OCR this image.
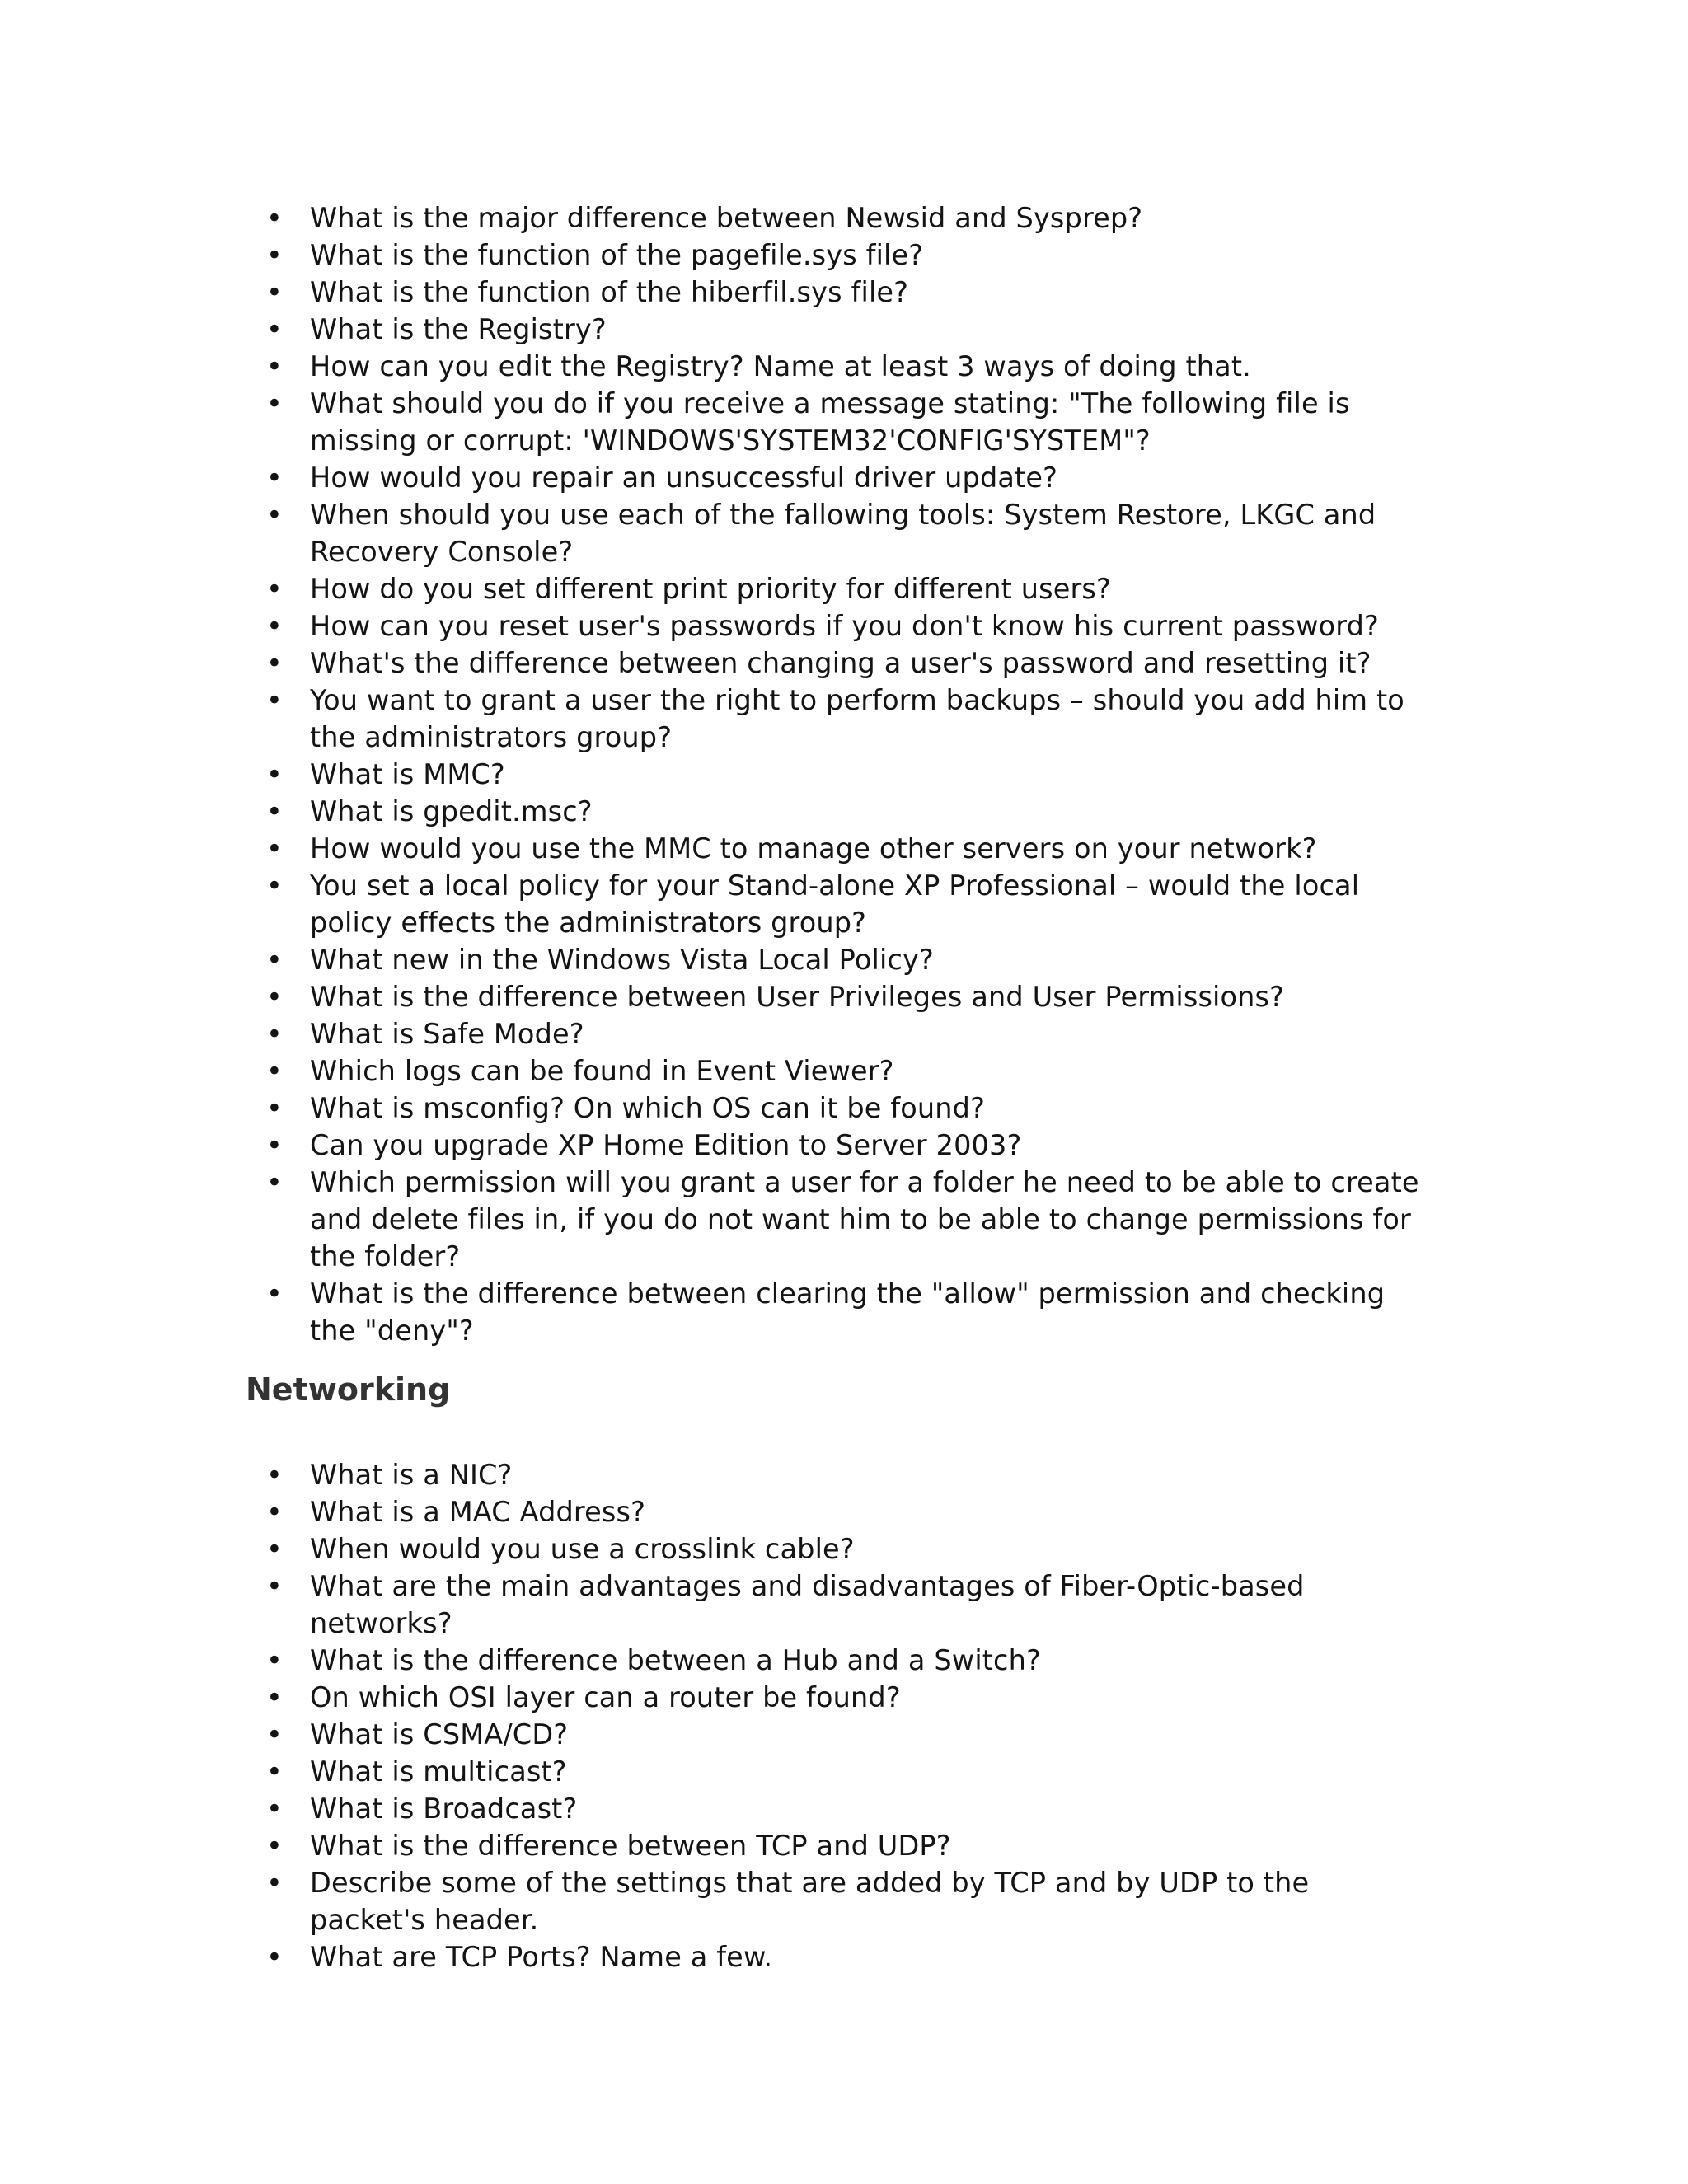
• What is the major difference between Newsid and Sysprep?
• What is the function of the pagefile.sys file?
• What is the function of the hiberfil.sys file?
• What is the Registry?
• How can you edit the Registry? Name at least 3 ways of doing that.
• What should you do if you receive a message stating: "The following file is missing or corrupt: 'WINDOWS'SYSTEM32'CONFIG'SYSTEM"?
• How would you repair an unsuccessful driver update?
• When should you use each of the fallowing tools: System Restore, LKGC and Recovery Console?
• How do you set different print priority for different users?
• How can you reset user's passwords if you don't know his current password?
• What's the difference between changing a user's password and resetting it?
• You want to grant a user the right to perform backups – should you add him to the administrators group?
• What is MMC?
• What is gpedit.msc?
• How would you use the MMC to manage other servers on your network?
• You set a local policy for your Stand-alone XP Professional – would the local policy effects the administrators group?
• What new in the Windows Vista Local Policy?
• What is the difference between User Privileges and User Permissions?
• What is Safe Mode?
• Which logs can be found in Event Viewer?
• What is msconfig? On which OS can it be found?
• Can you upgrade XP Home Edition to Server 2003?
• Which permission will you grant a user for a folder he need to be able to create and delete files in, if you do not want him to be able to change permissions for the folder?
• What is the difference between clearing the "allow" permission and checking the "deny"?
Networking
• What is a NIC?
• What is a MAC Address?
• When would you use a crosslink cable?
• What are the main advantages and disadvantages of Fiber-Optic-based networks?
• What is the difference between a Hub and a Switch?
• On which OSI layer can a router be found?
• What is CSMA/CD?
• What is multicast?
• What is Broadcast?
• What is the difference between TCP and UDP?
• Describe some of the settings that are added by TCP and by UDP to the packet's header.
• What are TCP Ports? Name a few.
